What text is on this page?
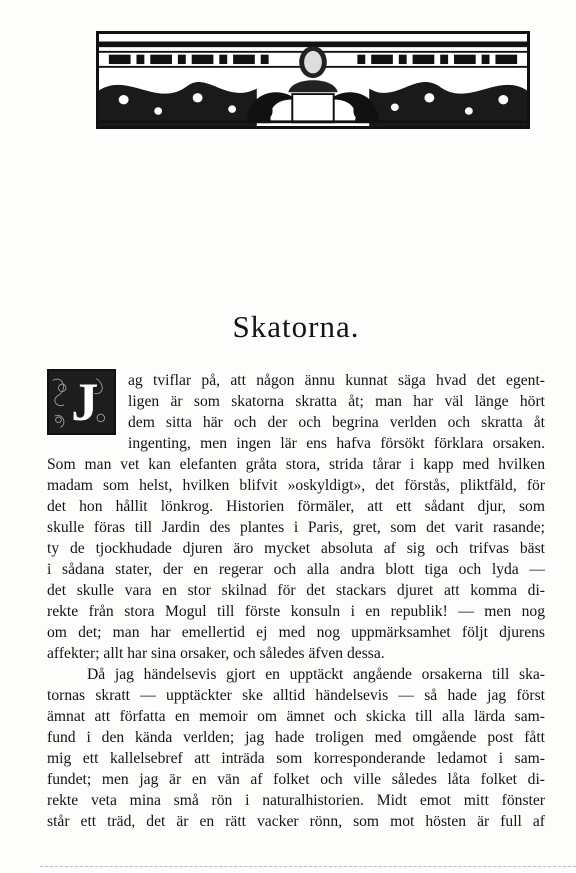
Skatorna.
J ag tviflar på, att någon ännu kunnat säga hvad det egent-
ligen är som skatorna skratta åt; man har väl länge hört
dem sitta här och der och begrina verlden och skratta åt
ingenting, men ingen lär ens hafva försökt förklara orsaken.
Som man vet kan elefanten gråta stora, strida tårar i kapp med hvilken
madam som helst, hvilken blifvit »oskyldigt», det förstås, pliktfäld, för
det hon hållit lönkrog. Historien förmäler, att ett sådant djur, som
skulle föras till Jardin des plantes i Paris, gret, som det varit rasande;
ty de tjockhudade djuren äro mycket absoluta af sig och trifvas bäst
i sådana stater, der en regerar och alla andra blott tiga och lyda —
det skulle vara en stor skilnad för det stackars djuret att komma di-
rekte från stora Mogul till förste konsuln i en republik! — men nog
om det; man har emellertid ej med nog uppmärksamhet följt djurens
affekter; allt har sina orsaker, och således äfven dessa.
Då jag händelsevis gjort en upptäckt angående orsakerna till ska-
tornas skratt — upptäckter ske alltid händelsevis — så hade jag först
ämnat att författa en memoir om ämnet och skicka till alla lärda sam-
fund i den kända verlden; jag hade troligen med omgående post fått
mig ett kallelsebref att inträda som korresponderande ledamot i sam-
fundet; men jag är en vän af folket och ville således låta folket di-
rekte veta mina små rön i naturalhistorien. Midt emot mitt fönster
står ett träd, det är en rätt vacker rönn, som mot hösten är full af
